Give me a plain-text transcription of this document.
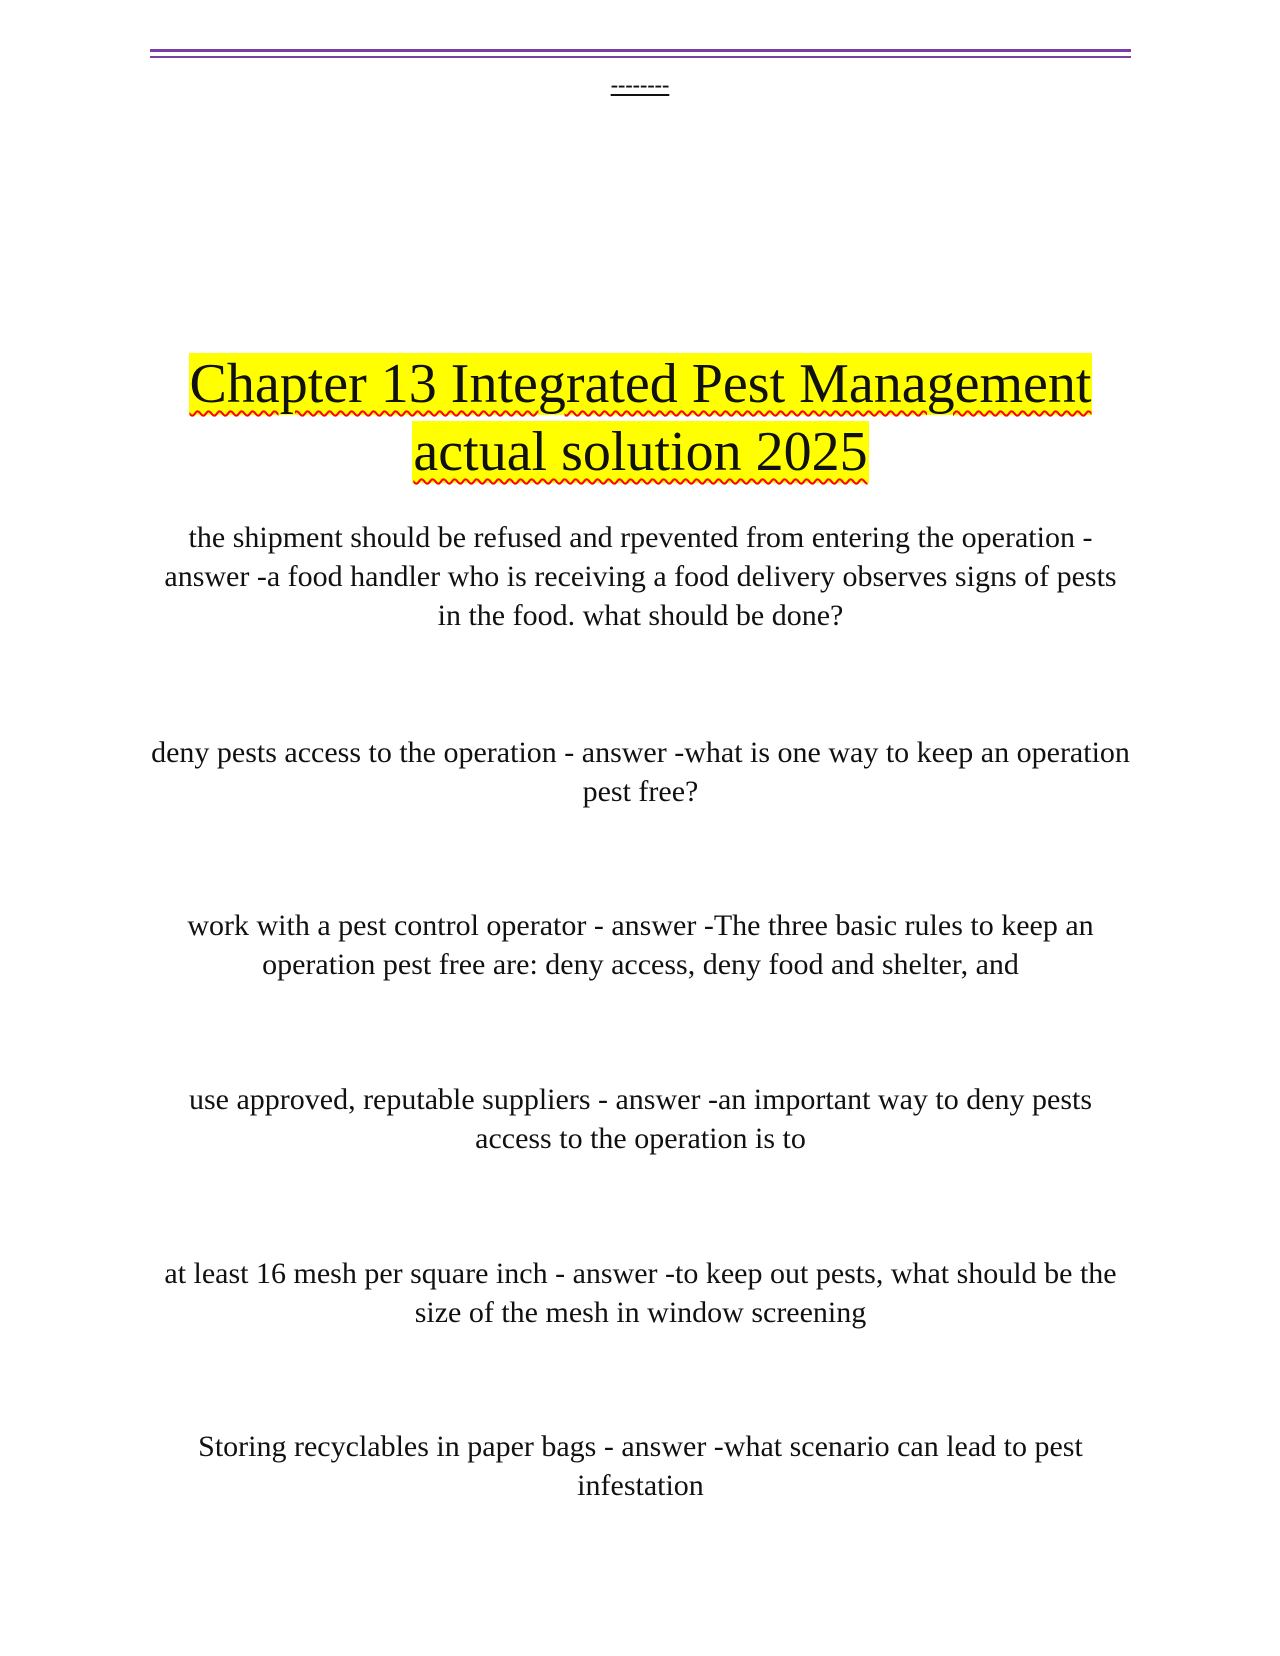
--------
Chapter 13 Integrated Pest Management
actual solution 2025

the shipment should be refused and rpevented from entering the operation - answer -a food handler who is receiving a food delivery observes signs of pests in the food. what should be done?

deny pests access to the operation - answer -what is one way to keep an operation pest free?

work with a pest control operator - answer -The three basic rules to keep an operation pest free are: deny access, deny food and shelter, and

use approved, reputable suppliers - answer -an important way to deny pests access to the operation is to

at least 16 mesh per square inch - answer -to keep out pests, what should be the size of the mesh in window screening

Storing recyclables in paper bags - answer -what scenario can lead to pest infestation
